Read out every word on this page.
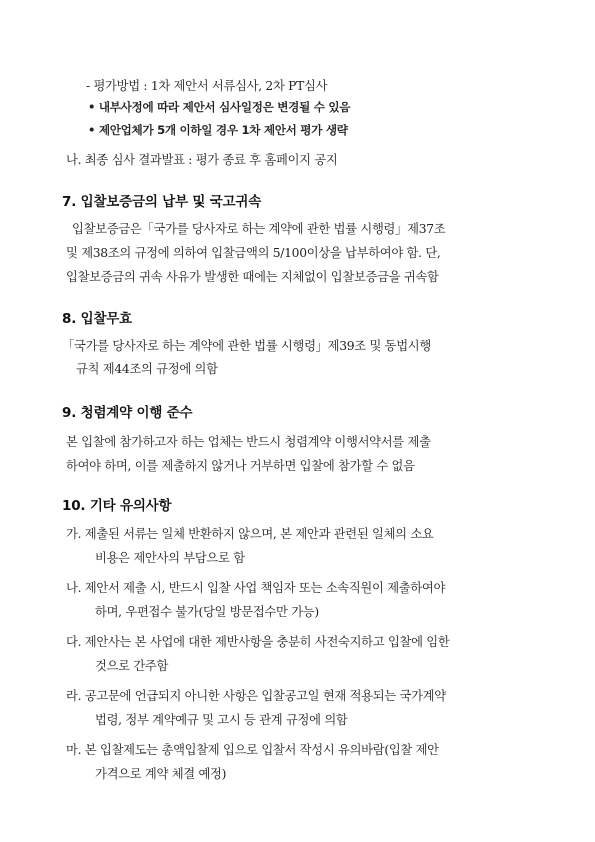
- 평가방법 : 1차 제안서 서류심사, 2차 PT심사
• 내부사정에 따라 제안서 심사일정은 변경될 수 있음
• 제안업체가 5개 이하일 경우 1차 제안서 평가 생략
나. 최종 심사 결과발표 : 평가 종료 후 홈페이지 공지
7. 입찰보증금의 납부 및 국고귀속
입찰보증금은「국가를 당사자로 하는 계약에 관한 법률 시행령」제37조
및 제38조의 규정에 의하여 입찰금액의 5/100이상을 납부하여야 함. 단,
입찰보증금의 귀속 사유가 발생한 때에는 지체없이 입찰보증금을 귀속함
8. 입찰무효
「국가를 당사자로 하는 계약에 관한 법률 시행령」제39조 및 동법시행
규칙 제44조의 규정에 의함
9. 청렴계약 이행 준수
본 입찰에 참가하고자 하는 업체는 반드시 청렴계약 이행서약서를 제출
하여야 하며, 이를 제출하지 않거나 거부하면 입찰에 참가할 수 없음
10. 기타 유의사항
가. 제출된 서류는 일체 반환하지 않으며, 본 제안과 관련된 일체의 소요
비용은 제안사의 부담으로 함
나. 제안서 제출 시, 반드시 입찰 사업 책임자 또는 소속직원이 제출하여야
하며, 우편접수 불가(당일 방문접수만 가능)
다. 제안사는 본 사업에 대한 제반사항을 충분히 사전숙지하고 입찰에 임한
것으로 간주함
라. 공고문에 언급되지 아니한 사항은 입찰공고일 현재 적용되는 국가계약
법령, 정부 계약예규 및 고시 등 관계 규정에 의함
마. 본 입찰제도는 총액입찰제 입으로 입찰서 작성시 유의바람(입찰 제안
가격으로 계약 체결 예정)
